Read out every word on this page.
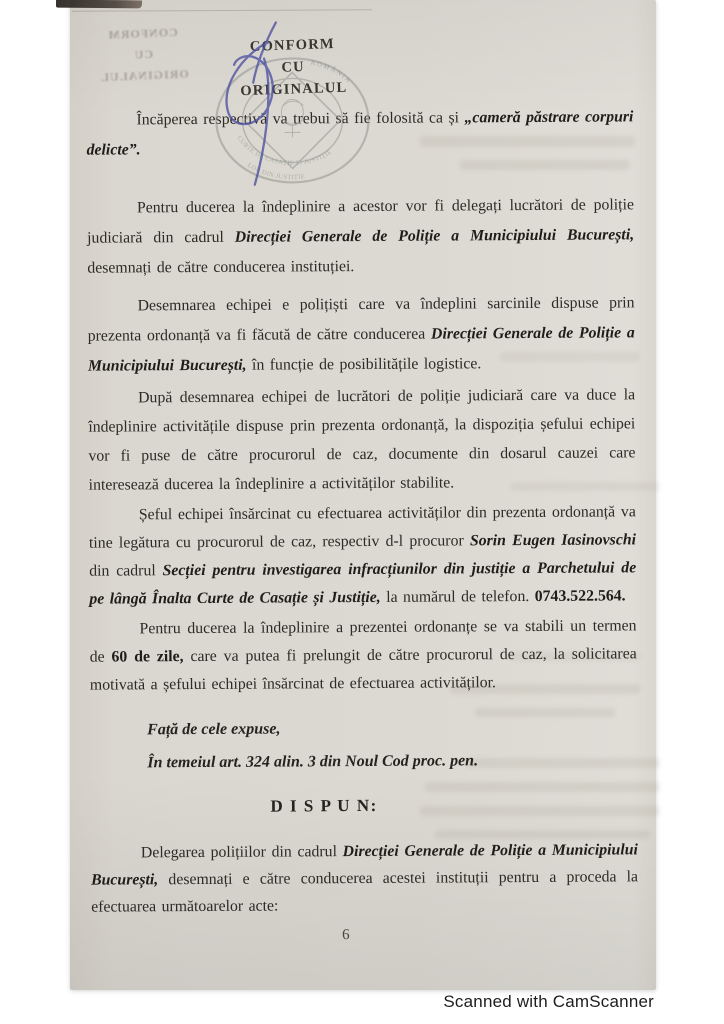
CONFORM
CU
ORIGINALUL
ROMÂNIA
LOR DIN JUSTIȚIE
CURTE DE CASAȚIE ȘI JUSTIȚIE
CONFORM
CU
ORIGINALUL

Încăperea respectivă va trebui să fie folosită ca și „cameră păstrare corpuri delicte”.

Pentru ducerea la îndeplinire a acestor vor fi delegați lucrători de poliție judiciară din cadrul Direcției Generale de Poliție a Municipiului București, desemnați de către conducerea instituției.

Desemnarea echipei e polițiști care va îndeplini sarcinile dispuse prin prezenta ordonanță va fi făcută de către conducerea Direcției Generale de Poliție a Municipiului București, în funcție de posibilitățile logistice.

După desemnarea echipei de lucrători de poliție judiciară care va duce la îndeplinire activitățile dispuse prin prezenta ordonanță, la dispoziția șefului echipei vor fi puse de către procurorul de caz, documente din dosarul cauzei care interesează ducerea la îndeplinire a activităților stabilite.

Șeful echipei însărcinat cu efectuarea activităților din prezenta ordonanță va tine legătura cu procurorul de caz, respectiv d-l procuror Sorin Eugen Iasinovschi din cadrul Secției pentru investigarea infracțiunilor din justiție a Parchetului de pe lângă Înalta Curte de Casație și Justiție, la numărul de telefon. 0743.522.564.

Pentru ducerea la îndeplinire a prezentei ordonanțe se va stabili un termen de 60 de zile, care va putea fi prelungit de către procurorul de caz, la solicitarea motivată a șefului echipei însărcinat de efectuarea activităților.

Față de cele expuse,
În temeiul art. 324 alin. 3 din Noul Cod proc. pen.
D I S P U N:

Delegarea polițiilor din cadrul Direcției Generale de Poliție a Municipiului București, desemnați e către conducerea acestei instituții pentru a proceda la efectuarea următoarelor acte:

6
Scanned with CamScanner
